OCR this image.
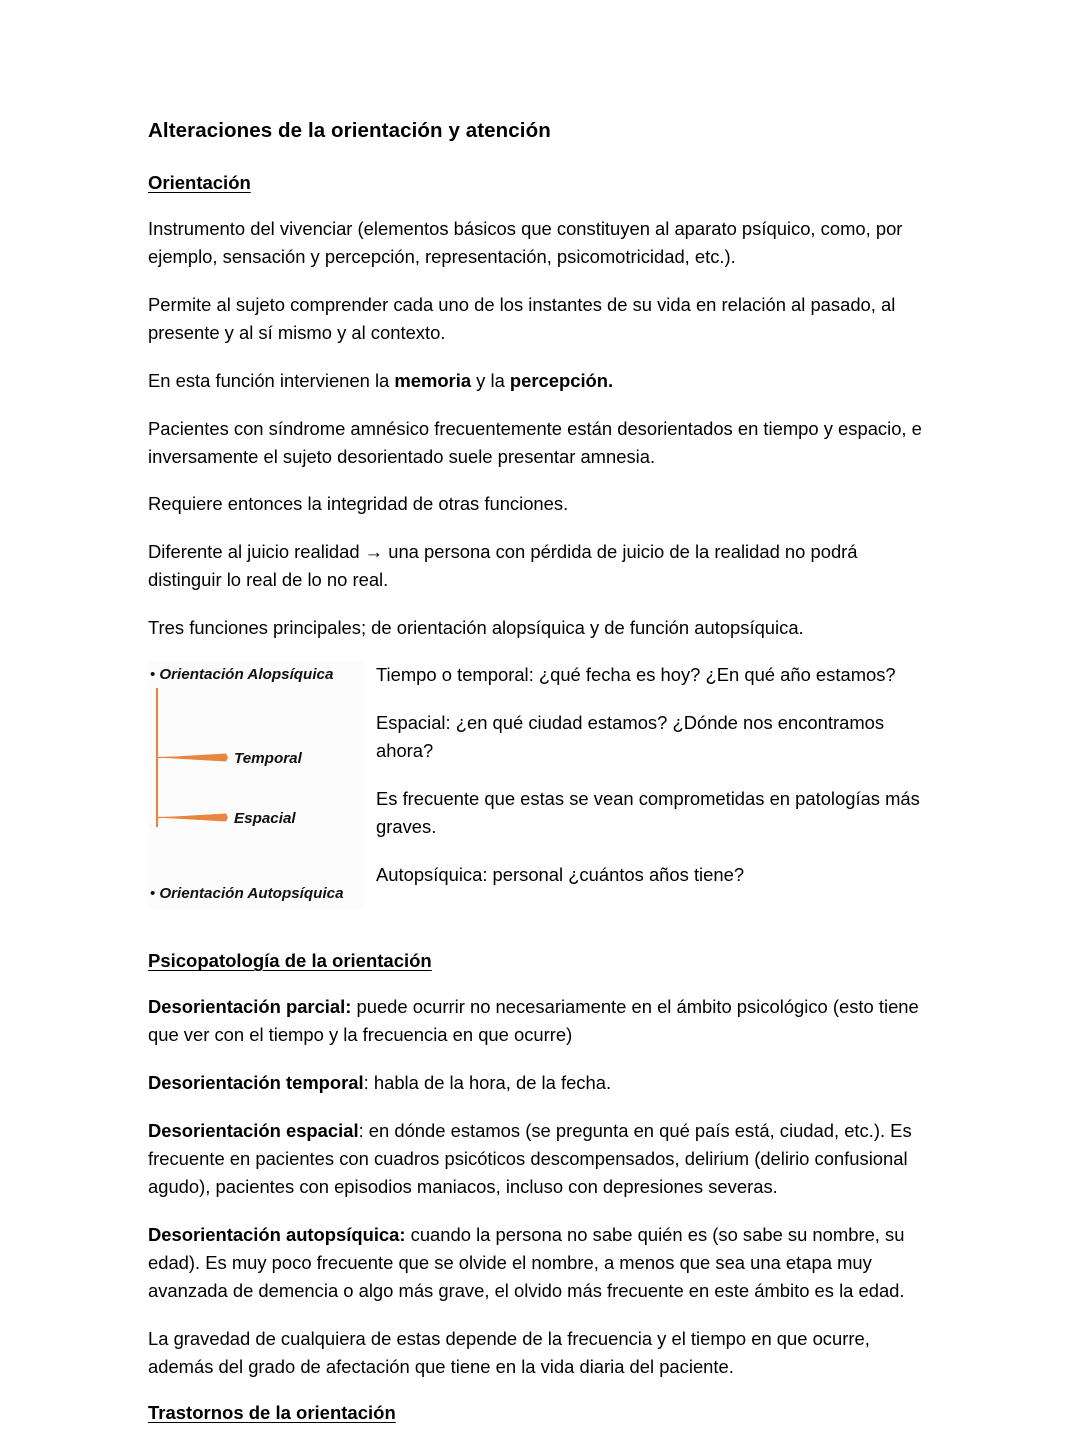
Alteraciones de la orientación y atención
Orientación

Instrumento del vivenciar (elementos básicos que constituyen al aparato psíquico, como, por ejemplo, sensación y percepción, representación, psicomotricidad, etc.).

Permite al sujeto comprender cada uno de los instantes de su vida en relación al pasado, al presente y al sí mismo y al contexto.

En esta función intervienen la memoria y la percepción.

Pacientes con síndrome amnésico frecuentemente están desorientados en tiempo y espacio, e inversamente el sujeto desorientado suele presentar amnesia.

Requiere entonces la integridad de otras funciones.

Diferente al juicio realidad → una persona con pérdida de juicio de la realidad no podrá distinguir lo real de lo no real.

Tres funciones principales; de orientación alopsíquica y de función autopsíquica.

• Orientación Alopsíquica
Temporal
Espacial
• Orientación Autopsíquica

Tiempo o temporal: ¿qué fecha es hoy? ¿En qué año estamos?

Espacial: ¿en qué ciudad estamos? ¿Dónde nos encontramos ahora?

Es frecuente que estas se vean comprometidas en patologías más graves.

Autopsíquica: personal ¿cuántos años tiene?

Psicopatología de la orientación

Desorientación parcial: puede ocurrir no necesariamente en el ámbito psicológico (esto tiene que ver con el tiempo y la frecuencia en que ocurre)

Desorientación temporal: habla de la hora, de la fecha.

Desorientación espacial: en dónde estamos (se pregunta en qué país está, ciudad, etc.). Es frecuente en pacientes con cuadros psicóticos descompensados, delirium (delirio confusional agudo), pacientes con episodios maniacos, incluso con depresiones severas.

Desorientación autopsíquica: cuando la persona no sabe quién es (so sabe su nombre, su edad). Es muy poco frecuente que se olvide el nombre, a menos que sea una etapa muy avanzada de demencia o algo más grave, el olvido más frecuente en este ámbito es la edad.

La gravedad de cualquiera de estas depende de la frecuencia y el tiempo en que ocurre, además del grado de afectación que tiene en la vida diaria del paciente.

Trastornos de la orientación
